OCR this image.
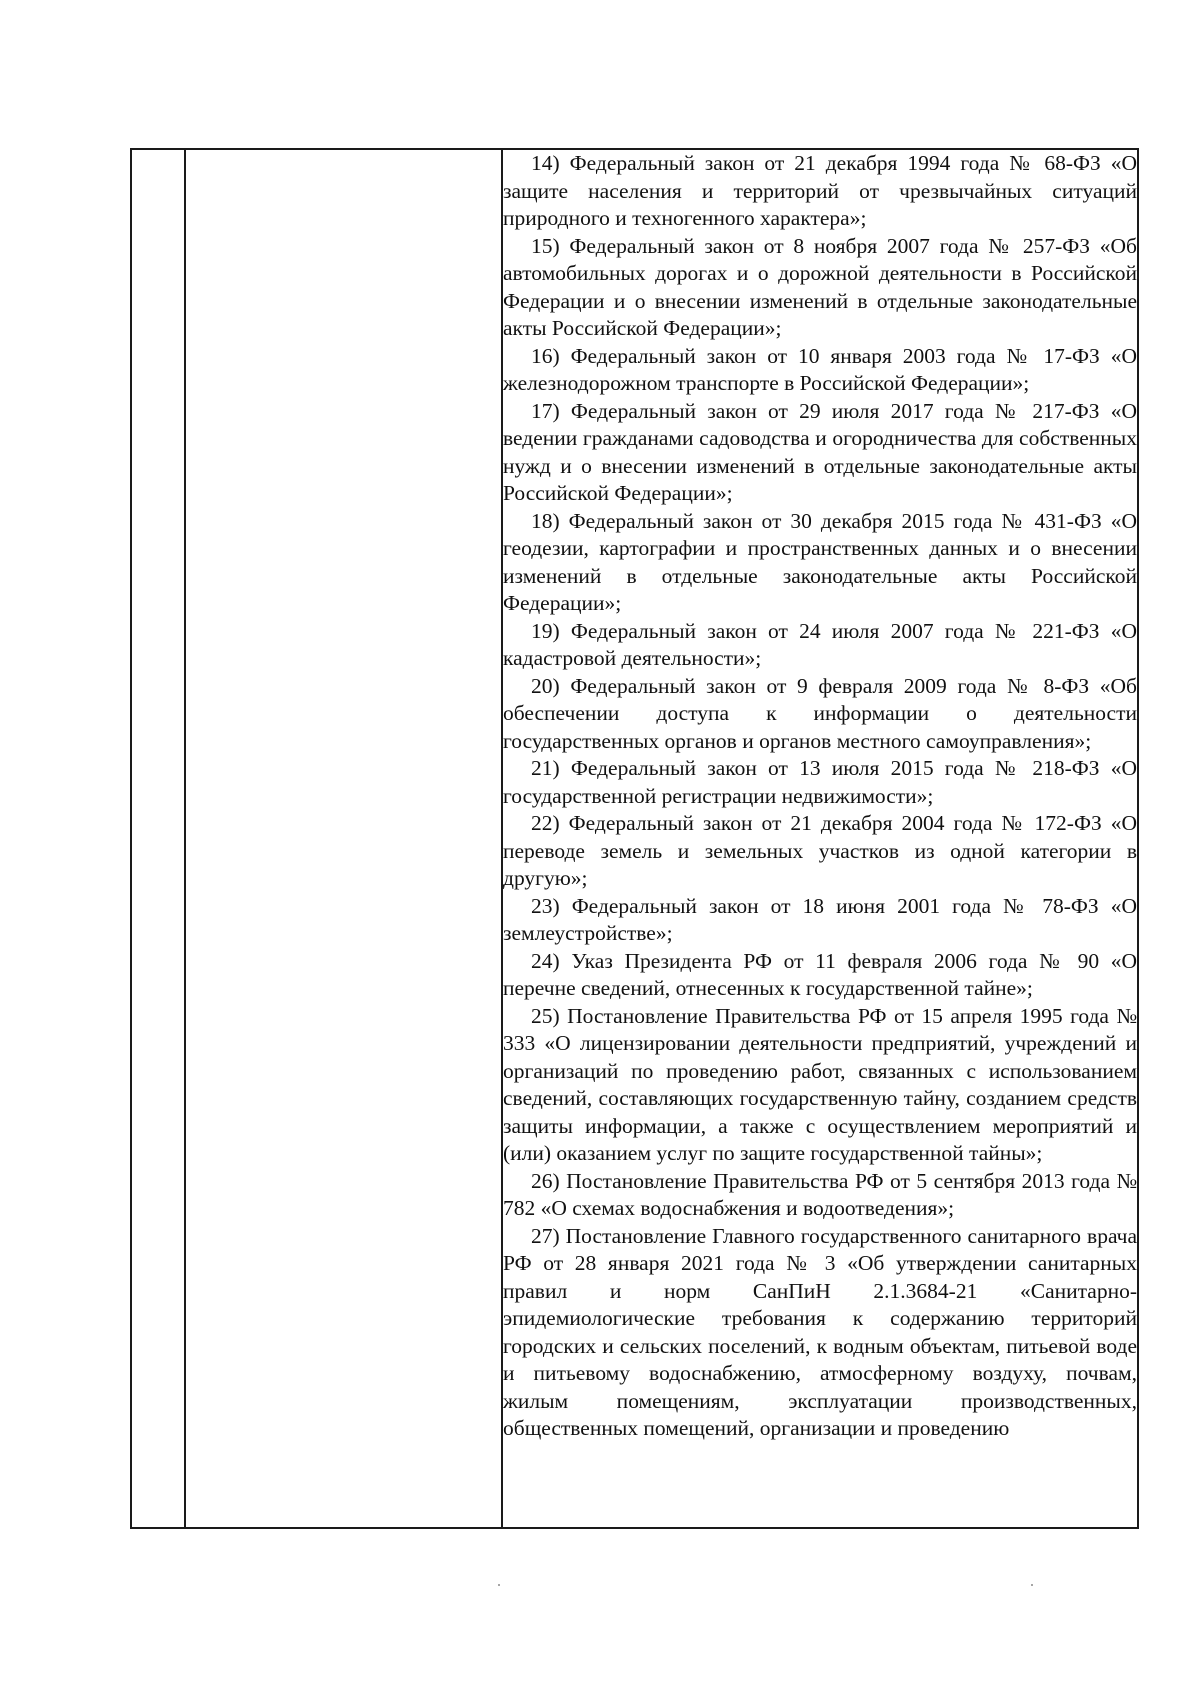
14) Федеральный закон от 21 декабря 1994 года № 68-ФЗ «О защите населения и территорий от чрезвычайных ситуаций природного и техногенного характера»;

15) Федеральный закон от 8 ноября 2007 года № 257-ФЗ «Об автомобильных дорогах и о дорожной деятельности в Российской Федерации и о внесении изменений в отдельные законодательные акты Российской Федерации»;

16) Федеральный закон от 10 января 2003 года № 17-ФЗ «О железнодорожном транспорте в Российской Федерации»;

17) Федеральный закон от 29 июля 2017 года № 217-ФЗ «О ведении гражданами садоводства и огородничества для собственных нужд и о внесении изменений в отдельные законодательные акты Российской Федерации»;

18) Федеральный закон от 30 декабря 2015 года № 431-ФЗ «О геодезии, картографии и пространственных данных и о внесении изменений в отдельные законодательные акты Российской Федерации»;

19) Федеральный закон от 24 июля 2007 года № 221-ФЗ «О кадастровой деятельности»;

20) Федеральный закон от 9 февраля 2009 года № 8-ФЗ «Об обеспечении доступа к информации о деятельности государственных органов и органов местного самоуправления»;

21) Федеральный закон от 13 июля 2015 года № 218-ФЗ «О государственной регистрации недвижимости»;

22) Федеральный закон от 21 декабря 2004 года № 172-ФЗ «О переводе земель и земельных участков из одной категории в другую»;

23) Федеральный закон от 18 июня 2001 года № 78-ФЗ «О землеустройстве»;

24) Указ Президента РФ от 11 февраля 2006 года № 90 «О перечне сведений, отнесенных к государственной тайне»;

25) Постановление Правительства РФ от 15 апреля 1995 года № 333 «О лицензировании деятельности предприятий, учреждений и организаций по проведению работ, связанных с использованием сведений, составляющих государственную тайну, созданием средств защиты информации, а также с осуществлением мероприятий и (или) оказанием услуг по защите государственной тайны»;

26) Постановление Правительства РФ от 5 сентября 2013 года № 782 «О схемах водоснабжения и водоотведения»;

27) Постановление Главного государственного санитарного врача РФ от 28 января 2021 года № 3 «Об утверждении санитарных правил и норм СанПиН 2.1.3684-21 «Санитарно-эпидемиологические требования к содержанию территорий городских и сельских поселений, к водным объектам, питьевой воде и питьевому водоснабжению, атмосферному воздуху, почвам, жилым помещениям, эксплуатации производственных, общественных помещений, организации и проведению
